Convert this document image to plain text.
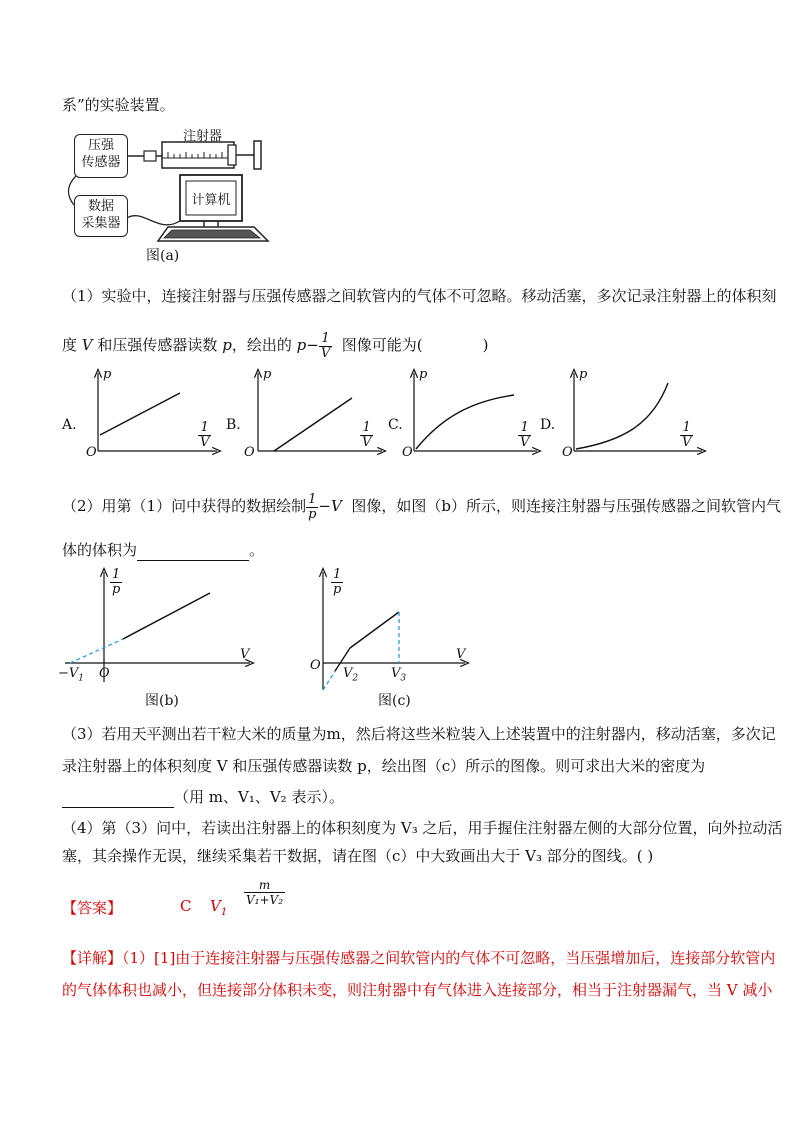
系”的实验装置。
压强
传感器
注射器
数据
采集器
计算机
图(a)
（1）实验中，连接注射器与压强传感器之间软管内的气体不可忽略。移动活塞，多次记录注射器上的体积刻
度 V 和压强传感器读数 p，绘出的 $p- \frac{1}{V}$ 图像可能为(	)
A.	B.	C.	D.
p	p	p	p
$\frac{1}{V}$	$\frac{1}{V}$	$\frac{1}{V}$	$\frac{1}{V}$
O	O	O	O
（2）用第（1）问中获得的数据绘制 $\frac{1}{p} -V$ 图像，如图（b）所示，则连接注射器与压强传感器之间软管内气
体的体积为	。
$\frac{1}{p}$
V
$-V_1$ O
图(b)
$\frac{1}{p}$
V
O
$V_2$	$V_3$
图(c)
（3）若用天平测出若干粒大米的质量为m，然后将这些米粒装入上述装置中的注射器内，移动活塞，多次记
录注射器上的体积刻度 V 和压强传感器读数 p，绘出图（c）所示的图像。则可求出大米的密度为
（用 m、V₁、V₂ 表示）。
（4）第（3）问中，若读出注射器上的体积刻度为 V₃ 之后，用手握住注射器左侧的大部分位置，向外拉动活
塞，其余操作无误，继续采集若干数据，请在图（c）中大致画出大于 V₃ 部分的图线。( )
【答案】	C $V_1$
$\frac{m}{\text{V₁+V₂}}$
【详解】（1）[1]由于连接注射器与压强传感器之间软管内的气体不可忽略，当压强增加后，连接部分软管内
的气体体积也减小，但连接部分体积未变，则注射器中有气体进入连接部分，相当于注射器漏气，当 V 减小
